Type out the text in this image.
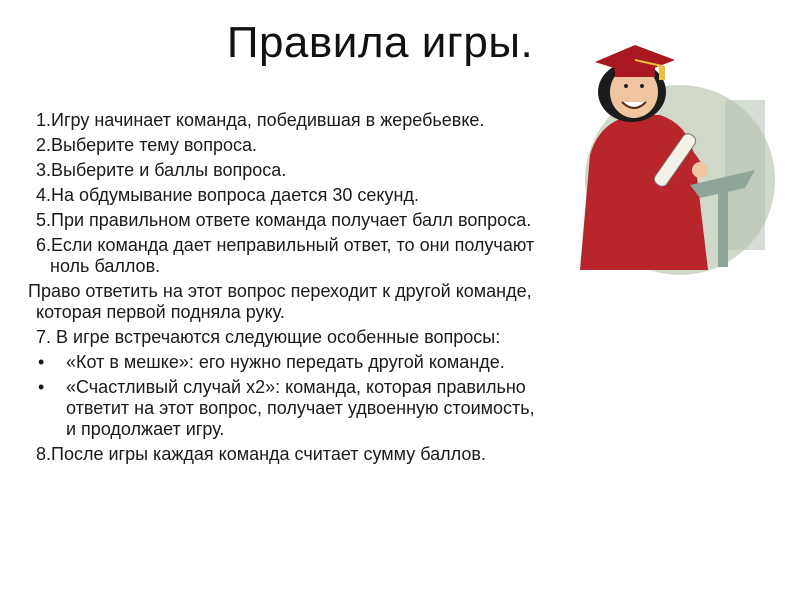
Правила игры.

1.Игру начинает команда, победившая в жеребьевке.

2.Выберите тему вопроса.

3.Выберите и баллы вопроса.

4.На обдумывание вопроса дается 30 секунд.

5.При правильном ответе команда получает балл вопроса.

6.Если команда дает неправильный ответ, то они получают ноль баллов.

Право ответить на этот вопрос переходит к другой команде, которая первой подняла руку.

7. В игре встречаются следующие особенные вопросы:

• «Кот в мешке»: его нужно передать другой команде.
• «Счастливый случай х2»: команда, которая правильно ответит на этот вопрос, получает удвоенную стоимость, и продолжает игру.

8.После игры каждая команда считает сумму баллов.
